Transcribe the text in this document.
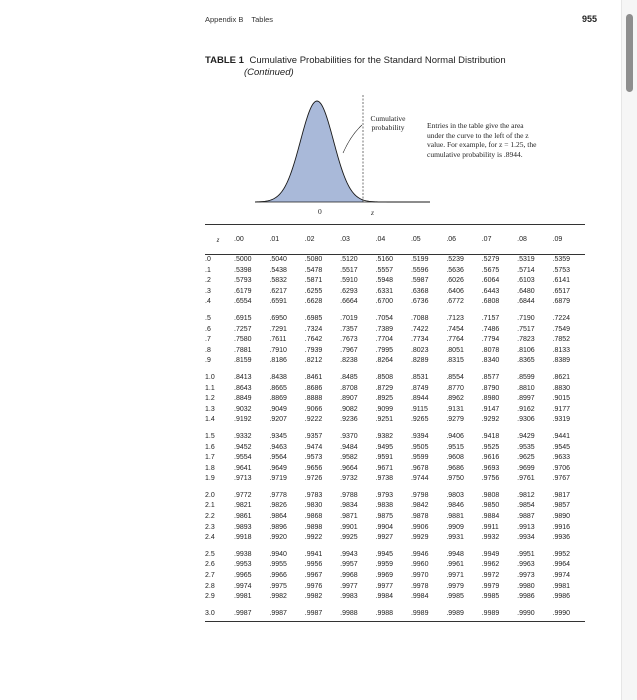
Appendix B Tables	955
TABLE 1 Cumulative Probabilities for the Standard Normal Distribution
(Continued)
Cumulative probability	Entries in the table give the area under the curve to the left of the z value. For example, for z = 1.25, the cumulative probability is .8944.
0	z
z	.00	.01	.02	.03	.04	.05	.06	.07	.08	.09
.0	.5000	.5040	.5080	.5120	.5160	.5199	.5239	.5279	.5319	.5359
.1	.5398	.5438	.5478	.5517	.5557	.5596	.5636	.5675	.5714	.5753
.2	.5793	.5832	.5871	.5910	.5948	.5987	.6026	.6064	.6103	.6141
.3	.6179	.6217	.6255	.6293	.6331	.6368	.6406	.6443	.6480	.6517
.4	.6554	.6591	.6628	.6664	.6700	.6736	.6772	.6808	.6844	.6879
.5	.6915	.6950	.6985	.7019	.7054	.7088	.7123	.7157	.7190	.7224
.6	.7257	.7291	.7324	.7357	.7389	.7422	.7454	.7486	.7517	.7549
.7	.7580	.7611	.7642	.7673	.7704	.7734	.7764	.7794	.7823	.7852
.8	.7881	.7910	.7939	.7967	.7995	.8023	.8051	.8078	.8106	.8133
.9	.8159	.8186	.8212	.8238	.8264	.8289	.8315	.8340	.8365	.8389
1.0	.8413	.8438	.8461	.8485	.8508	.8531	.8554	.8577	.8599	.8621
1.1	.8643	.8665	.8686	.8708	.8729	.8749	.8770	.8790	.8810	.8830
1.2	.8849	.8869	.8888	.8907	.8925	.8944	.8962	.8980	.8997	.9015
1.3	.9032	.9049	.9066	.9082	.9099	.9115	.9131	.9147	.9162	.9177
1.4	.9192	.9207	.9222	.9236	.9251	.9265	.9279	.9292	.9306	.9319
1.5	.9332	.9345	.9357	.9370	.9382	.9394	.9406	.9418	.9429	.9441
1.6	.9452	.9463	.9474	.9484	.9495	.9505	.9515	.9525	.9535	.9545
1.7	.9554	.9564	.9573	.9582	.9591	.9599	.9608	.9616	.9625	.9633
1.8	.9641	.9649	.9656	.9664	.9671	.9678	.9686	.9693	.9699	.9706
1.9	.9713	.9719	.9726	.9732	.9738	.9744	.9750	.9756	.9761	.9767
2.0	.9772	.9778	.9783	.9788	.9793	.9798	.9803	.9808	.9812	.9817
2.1	.9821	.9826	.9830	.9834	.9838	.9842	.9846	.9850	.9854	.9857
2.2	.9861	.9864	.9868	.9871	.9875	.9878	.9881	.9884	.9887	.9890
2.3	.9893	.9896	.9898	.9901	.9904	.9906	.9909	.9911	.9913	.9916
2.4	.9918	.9920	.9922	.9925	.9927	.9929	.9931	.9932	.9934	.9936
2.5	.9938	.9940	.9941	.9943	.9945	.9946	.9948	.9949	.9951	.9952
2.6	.9953	.9955	.9956	.9957	.9959	.9960	.9961	.9962	.9963	.9964
2.7	.9965	.9966	.9967	.9968	.9969	.9970	.9971	.9972	.9973	.9974
2.8	.9974	.9975	.9976	.9977	.9977	.9978	.9979	.9979	.9980	.9981
2.9	.9981	.9982	.9982	.9983	.9984	.9984	.9985	.9985	.9986	.9986
3.0	.9987	.9987	.9987	.9988	.9988	.9989	.9989	.9989	.9990	.9990
